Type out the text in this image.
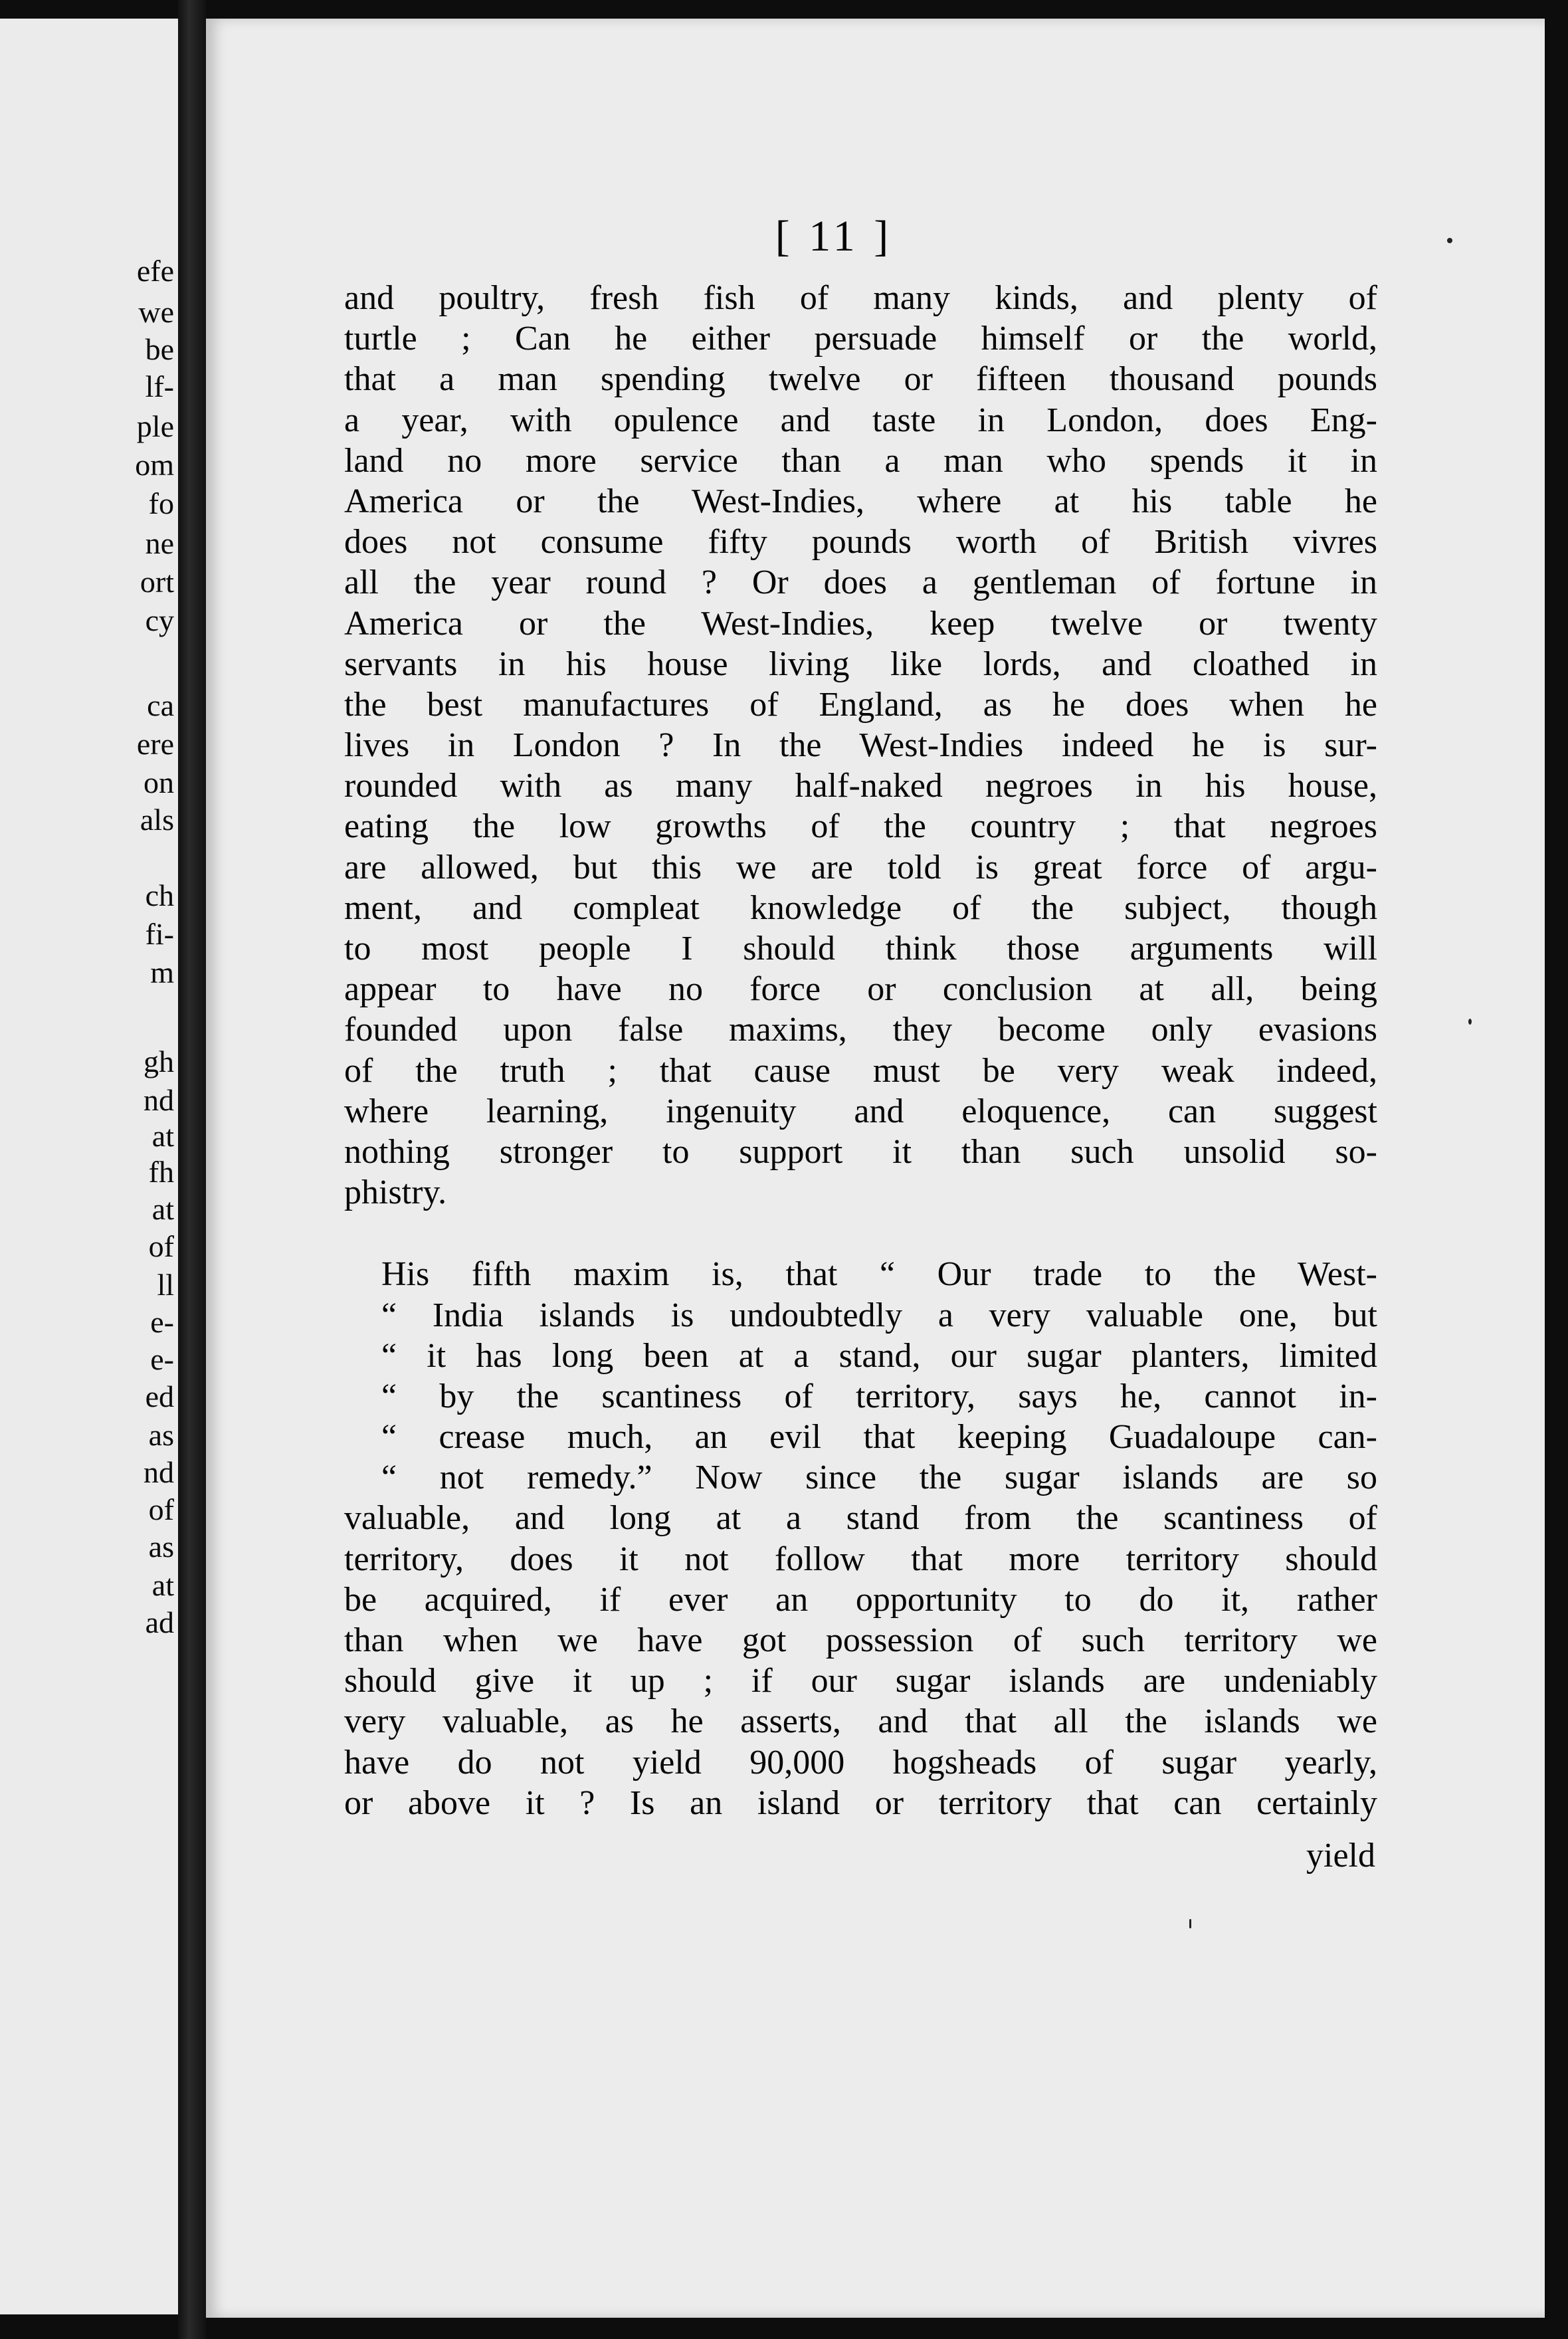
efe
we
be
lf-
ple
om
fo
ne
ort
cy
ca
ere
on
als
ch
fi-
m
gh
nd
at
fh
at
of
ll
e-
e-
ed
as
nd
of
as
at
ad
[ 11 ]
and poultry, fresh fish of many kinds, and plenty of
turtle ; Can he either persuade himself or the world,
that a man spending twelve or fifteen thousand pounds
a year, with opulence and taste in London, does Eng-
land no more service than a man who spends it in
America or the West-Indies, where at his table he
does not consume fifty pounds worth of British vivres
all the year round ? Or does a gentleman of fortune in
America or the West-Indies, keep twelve or twenty
servants in his house living like lords, and cloathed in
the best manufactures of England, as he does when he
lives in London ? In the West-Indies indeed he is sur-
rounded with as many half-naked negroes in his house,
eating the low growths of the country ; that negroes
are allowed, but this we are told is great force of argu-
ment, and compleat knowledge of the subject, though
to most people I should think those arguments will
appear to have no force or conclusion at all, being
founded upon false maxims, they become only evasions
of the truth ; that cause must be very weak indeed,
where learning, ingenuity and eloquence, can suggest
nothing stronger to support it than such unsolid so-
phistry.
His fifth maxim is, that “ Our trade to the West-
“ India islands is undoubtedly a very valuable one, but
“ it has long been at a stand, our sugar planters, limited
“ by the scantiness of territory, says he, cannot in-
“ crease much, an evil that keeping Guadaloupe can-
“ not remedy.” Now since the sugar islands are so
valuable, and long at a stand from the scantiness of
territory, does it not follow that more territory should
be acquired, if ever an opportunity to do it, rather
than when we have got possession of such territory we
should give it up ; if our sugar islands are undeniably
very valuable, as he asserts, and that all the islands we
have do not yield 90,000 hogsheads of sugar yearly,
or above it ? Is an island or territory that can certainly
yield
